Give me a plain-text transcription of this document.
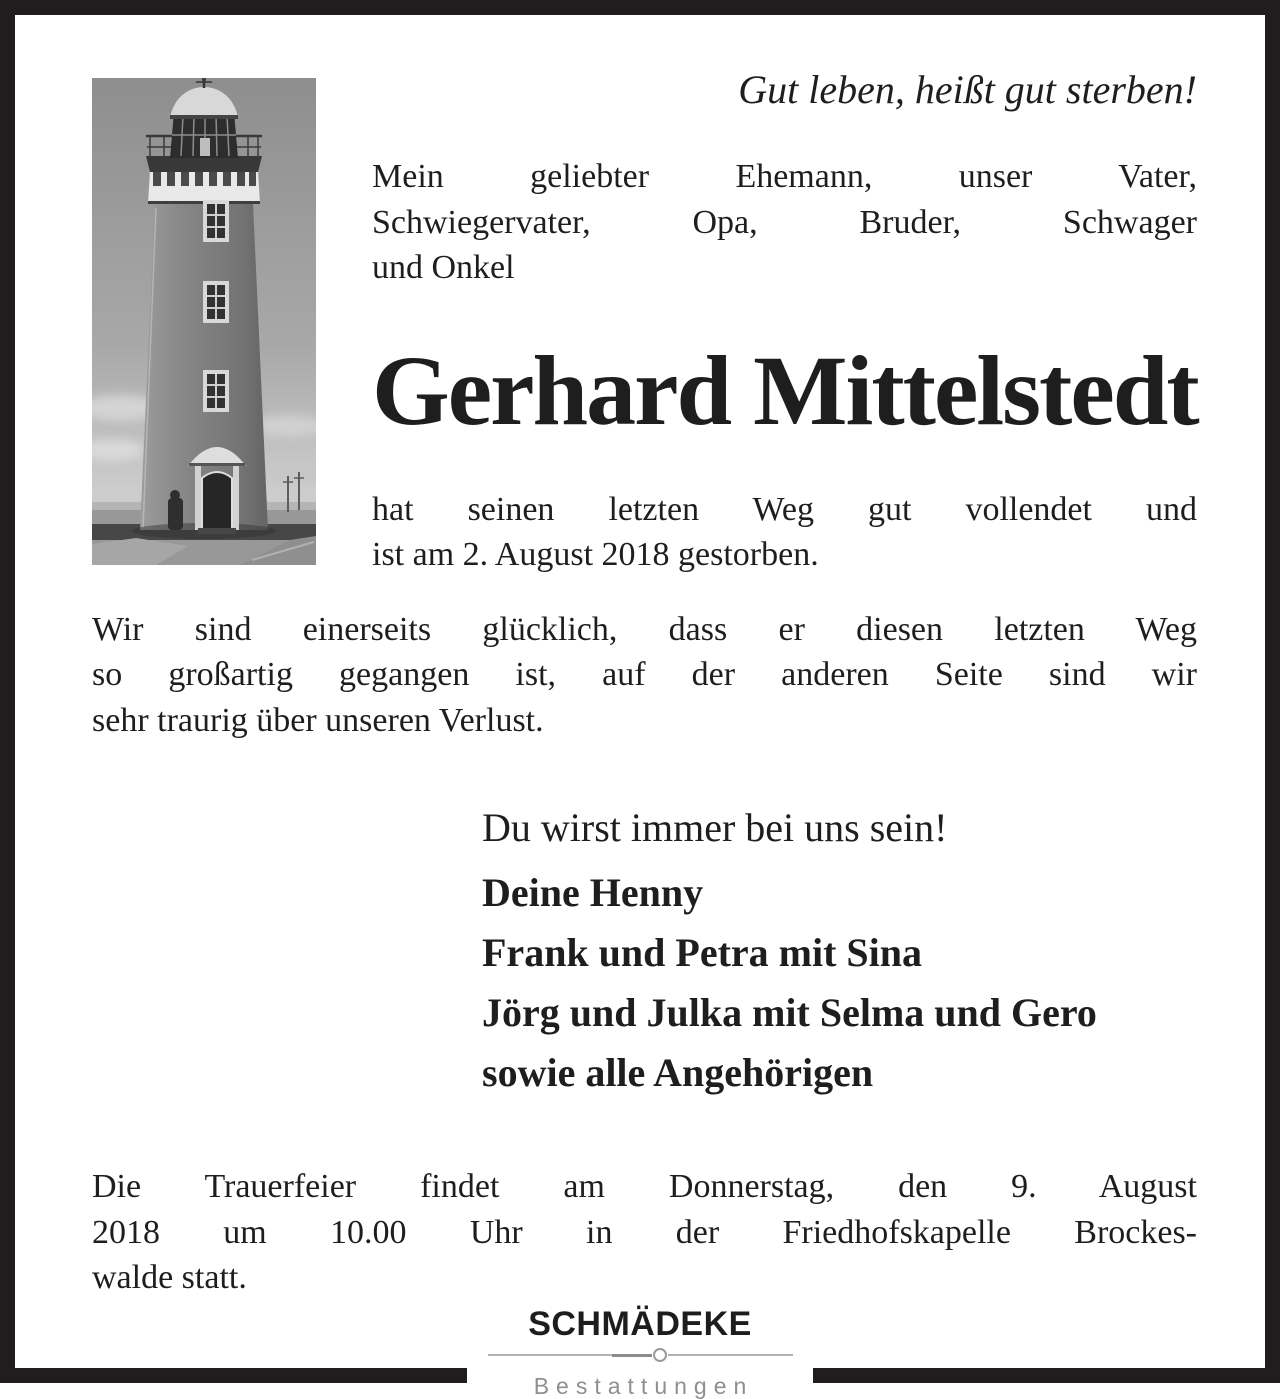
Gut leben, heißt gut sterben!
Mein geliebter Ehemann, unser Vater,
Schwiegervater, Opa, Bruder, Schwager
und Onkel
Gerhard Mittelstedt
hat seinen letzten Weg gut vollendet und
ist am 2. August 2018 gestorben.
Wir sind einerseits glücklich, dass er diesen letzten Weg
so großartig gegangen ist, auf der anderen Seite sind wir
sehr traurig über unseren Verlust.
Du wirst immer bei uns sein!
Deine Henny
Frank und Petra mit Sina
Jörg und Julka mit Selma und Gero
sowie alle Angehörigen
Die Trauerfeier findet am Donnerstag, den 9. August
2018 um 10.00 Uhr in der Friedhofskapelle Brockes-
walde statt.
SCHMÄDEKE
Bestattungen
